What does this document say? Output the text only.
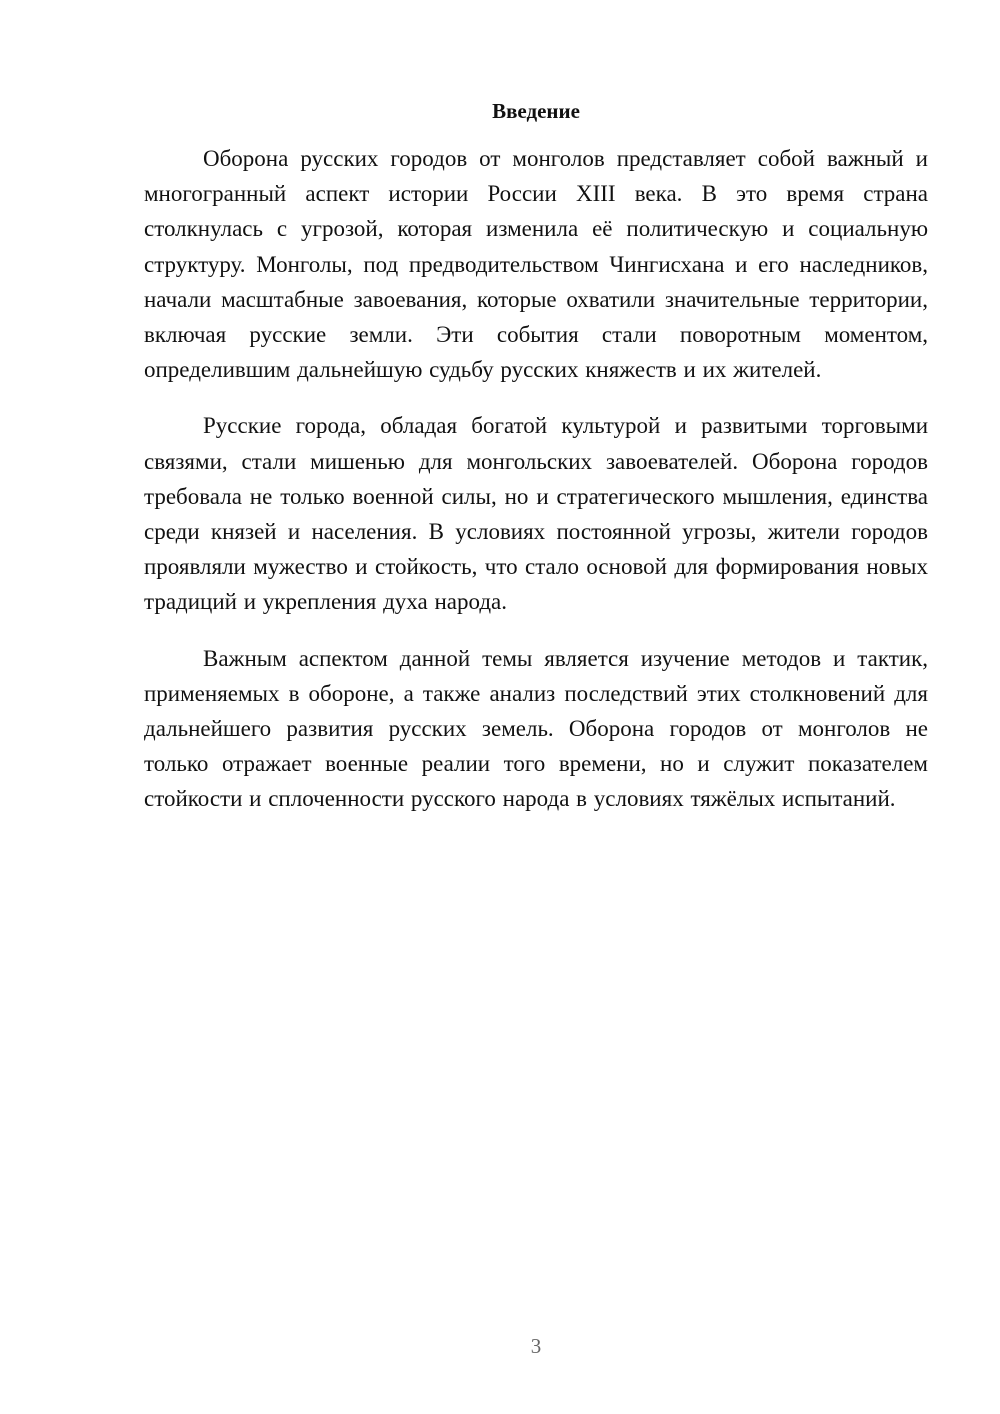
Введение

Оборона русских городов от монголов представляет собой важный и многогранный аспект истории России XIII века. В это время страна столкнулась с угрозой, которая изменила её политическую и социальную структуру. Монголы, под предводительством Чингисхана и его наследников, начали масштабные завоевания, которые охватили значительные территории, включая русские земли. Эти события стали поворотным моментом, определившим дальнейшую судьбу русских княжеств и их жителей.

Русские города, обладая богатой культурой и развитыми торговыми связями, стали мишенью для монгольских завоевателей. Оборона городов требовала не только военной силы, но и стратегического мышления, единства среди князей и населения. В условиях постоянной угрозы, жители городов проявляли мужество и стойкость, что стало основой для формирования новых традиций и укрепления духа народа.

Важным аспектом данной темы является изучение методов и тактик, применяемых в обороне, а также анализ последствий этих столкновений для дальнейшего развития русских земель. Оборона городов от монголов не только отражает военные реалии того времени, но и служит показателем стойкости и сплоченности русского народа в условиях тяжёлых испытаний.

3
